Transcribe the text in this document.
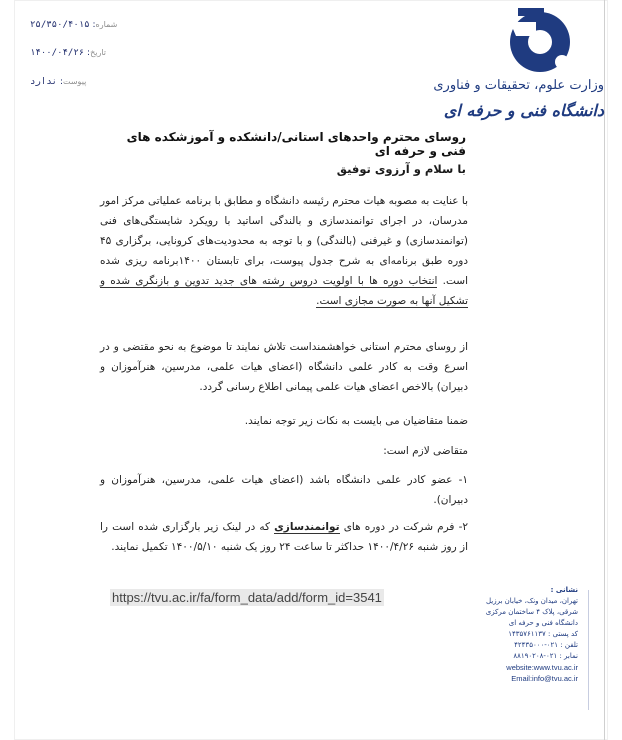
شماره: ۲۵/۳۵۰/۴۰۱۵
تاریخ: ۱۴۰۰/۰۴/۲۶
پیوست: ندارد	وزارت علوم، تحقیقات و فناوری
دانشگاه فنی و حرفه ای
روسای محترم واحدهای استانی/دانشکده و آموزشکده های فنی و حرفه ای
با سلام و آرزوی توفیق
با عنایت به مصوبه هیات محترم رئیسه دانشگاه و مطابق با برنامه عملیاتی مرکز امور مدرسان، در اجرای توانمندسازی و بالندگی اساتید با رویکرد شایستگی‌های فنی (توانمندسازی) و غیرفنی (بالندگی) و با توجه به محدودیت‌های کرونایی، برگزاری ۴۵ دوره طبق برنامه‌ای به شرح جدول پیوست، برای تابستان ۱۴۰۰برنامه ریزی شده است. انتخاب دوره ها با اولویت دروس رشته های جدید تدوین و بازنگری شده و تشکیل آنها به صورت مجازی است.
از روسای محترم استانی خواهشمنداست تلاش نمایند تا موضوع به نحو مقتضی و در اسرع وقت به کادر علمی دانشگاه (اعضای هیات علمی، مدرسین، هنرآموزان و دبیران) بالاخص اعضای هیات علمی پیمانی اطلاع رسانی گردد.
ضمنا متقاضیان می بایست به نکات زیر توجه نمایند.
متقاضی لازم است:
۱- عضو کادر علمی دانشگاه باشد (اعضای هیات علمی، مدرسین، هنرآموزان و دبیران).
۲- فرم شرکت در دوره های توانمندسازی که در لینک زیر بارگزاری شده است را از روز شنبه ۱۴۰۰/۴/۲۶ حداکثر تا ساعت ۲۴ روز یک شنبه ۱۴۰۰/۵/۱۰ تکمیل نمایند.
https://tvu.ac.ir/fa/form_data/add/form_id=3541	نشانی :
تهران، میدان ونک، خیابان برزیل شرقی، پلاک ۴ ساختمان مرکزی دانشگاه فنی و حرفه ای
کد پستی : ۱۴۳۵۷۶۱۱۳۷
تلفن : ۰۲۱-۴۲۴۳۵۰۰۰
نمابر : ۰۲۱-۸۸۱۹۰۲۰۸
website:www.tvu.ac.ir
Email:info@tvu.ac.ir
